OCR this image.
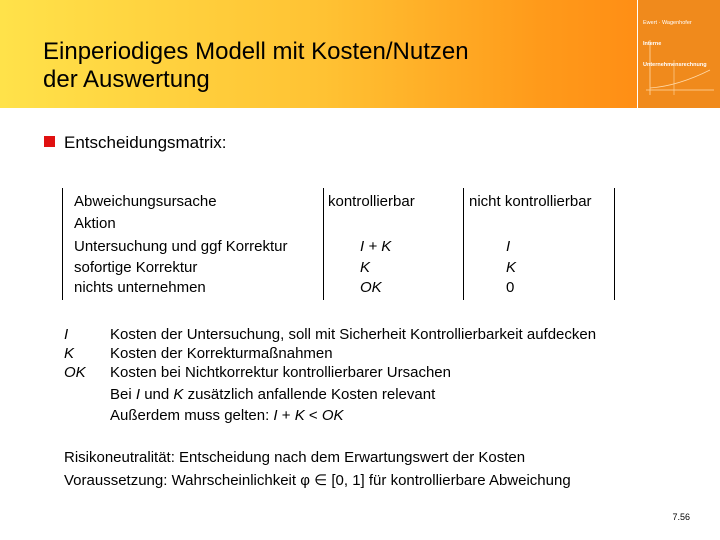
Einperiodiges Modell mit Kosten/Nutzen
der Auswertung

Ewert · Wagenhofer

Interne

Unternehmensrechnung

Entscheidungsmatrix:
Abweichungsursache	kontrollierbar	nicht kontrollierbar
Aktion
Untersuchung und ggf Korrektur	I + K	I
sofortige Korrektur	K	K
nichts unternehmen	OK	0
I	Kosten der Untersuchung, soll mit Sicherheit Kontrollierbarkeit aufdecken
K Kosten der Korrekturmaßnahmen
OK Kosten bei Nichtkorrektur kontrollierbarer Ursachen
Bei I und K zusätzlich anfallende Kosten relevant
Außerdem muss gelten: I + K < OK
Risikoneutralität: Entscheidung nach dem Erwartungswert der Kosten
Voraussetzung: Wahrscheinlichkeit φ ∈ [0, 1] für kontrollierbare Abweichung
7.56
